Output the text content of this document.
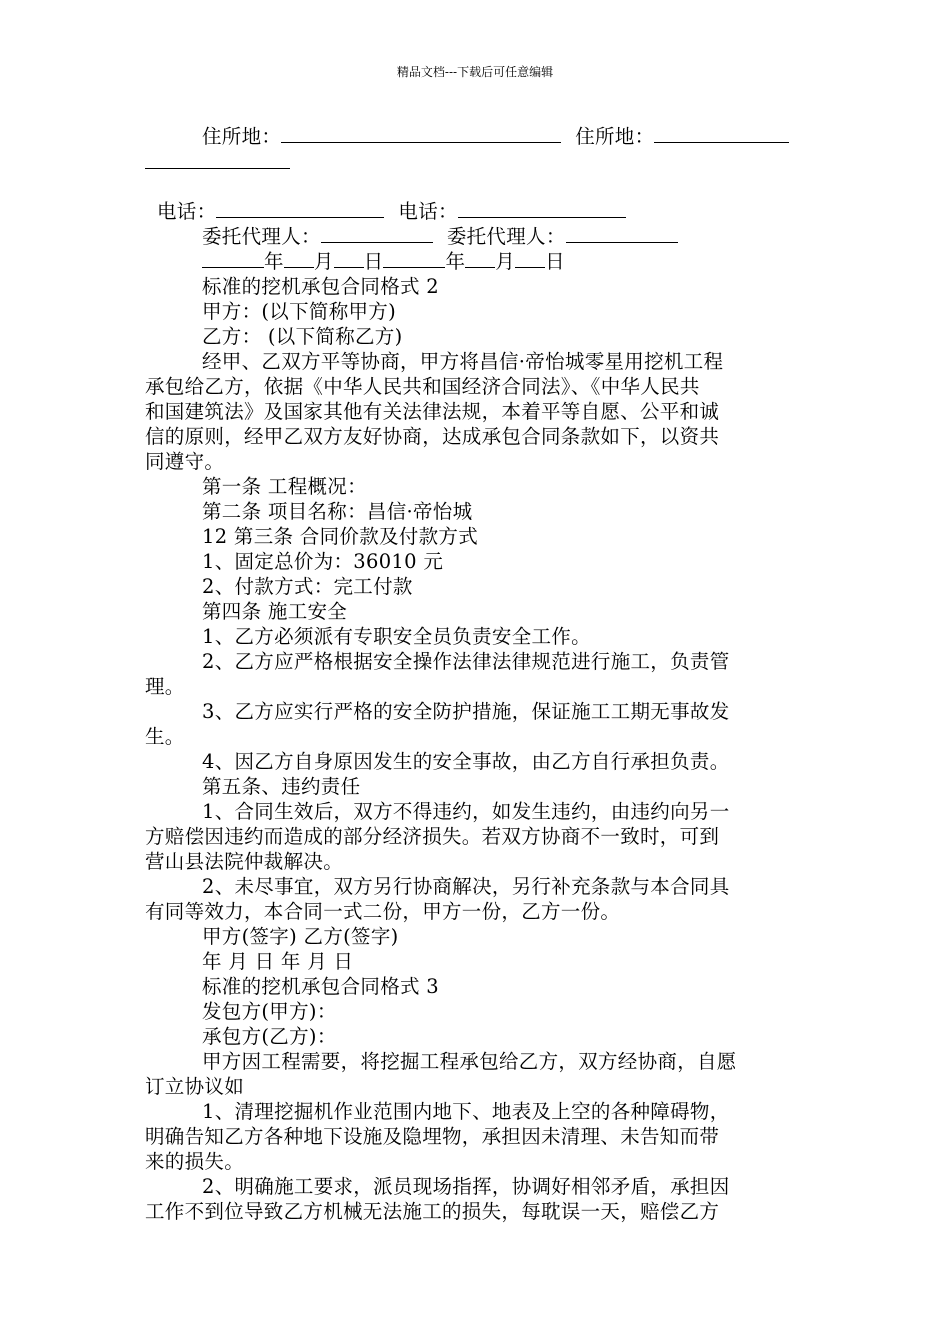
精品文档---下载后可任意编辑
住所地：	住所地：
电话：	电话：
委托代理人：	委托代理人：
年 月 日	年 月 日
标准的挖机承包合同格式 2
甲方：(以下简称甲方)
乙方： (以下简称乙方)
经甲、乙双方平等协商，甲方将昌信·帝怡城零星用挖机工程
承包给乙方，依据《中华人民共和国经济合同法》、《中华人民共
和国建筑法》及国家其他有关法律法规，本着平等自愿、公平和诚
信的原则，经甲乙双方友好协商，达成承包合同条款如下，以资共
同遵守。
第一条 工程概况：
第二条 项目名称：昌信·帝怡城
12 第三条 合同价款及付款方式
1、固定总价为：36010 元
2、付款方式：完工付款
第四条 施工安全
1、乙方必须派有专职安全员负责安全工作。
2、乙方应严格根据安全操作法律法律规范进行施工，负责管
理。
3、乙方应实行严格的安全防护措施，保证施工工期无事故发
生。
4、因乙方自身原因发生的安全事故，由乙方自行承担负责。
第五条、违约责任
1、合同生效后，双方不得违约，如发生违约，由违约向另一
方赔偿因违约而造成的部分经济损失。若双方协商不一致时，可到
营山县法院仲裁解决。
2、未尽事宜，双方另行协商解决，另行补充条款与本合同具
有同等效力，本合同一式二份，甲方一份，乙方一份。
甲方(签字) 乙方(签字)
年 月 日 年 月 日
标准的挖机承包合同格式 3
发包方(甲方)：
承包方(乙方)：
甲方因工程需要，将挖掘工程承包给乙方，双方经协商，自愿
订立协议如
1、清理挖掘机作业范围内地下、地表及上空的各种障碍物，
明确告知乙方各种地下设施及隐埋物，承担因未清理、未告知而带
来的损失。
2、明确施工要求，派员现场指挥，协调好相邻矛盾，承担因
工作不到位导致乙方机械无法施工的损失，每耽误一天，赔偿乙方
